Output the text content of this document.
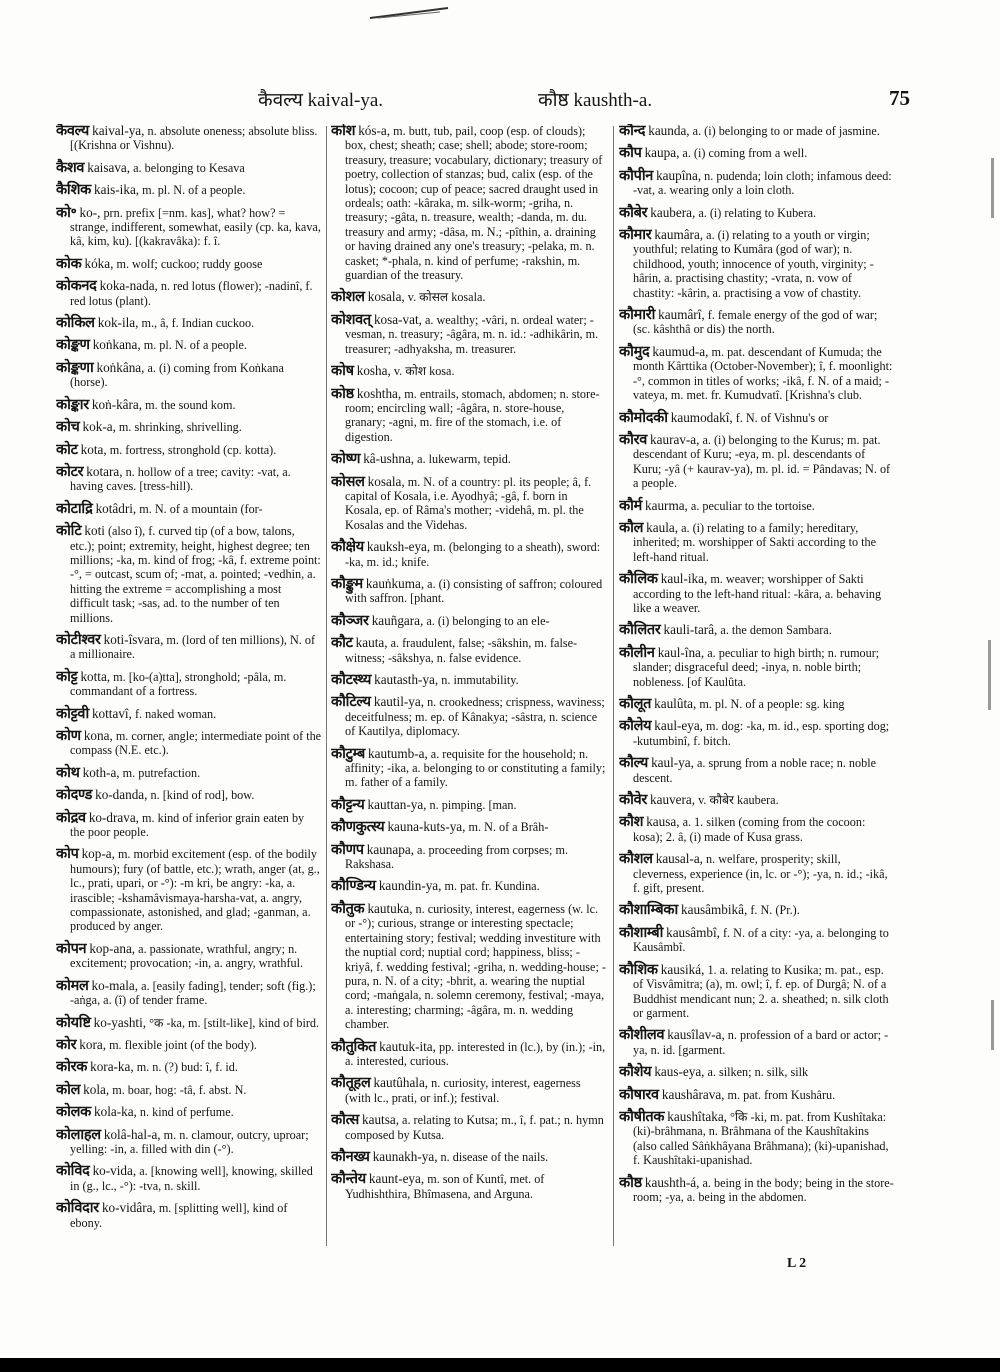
कैवल्य kaival-ya.	कौष्ठ kaushth-a.	75

कैवल्य kaival-ya, n. absolute oneness; absolute bliss. [(Krishna or Vishnu).

कैशव kaisava, a. belonging to Kesava

कैशिक kais-ika, m. pl. N. of a people.

को॰ ko-, prn. prefix [=nm. kas], what? how? = strange, indifferent, somewhat, easily (cp. ka, kava, kâ, kim, ku). [(kakravâka): f. î.

कोक kóka, m. wolf; cuckoo; ruddy goose

कोकनद koka-nada, n. red lotus (flower); -nadinî, f. red lotus (plant).

कोकिल kok-ila, m., â, f. Indian cuckoo.

कोङ्कण koṅkana, m. pl. N. of a people.

कोङ्कणा koṅkâna, a. (i) coming from Koṅkana (horse).

कोङ्कार koṅ-kâra, m. the sound kom.

कोच kok-a, m. shrinking, shrivelling.

कोट kota, m. fortress, stronghold (cp. kotta).

कोटर kotara, n. hollow of a tree; cavity: -vat, a. having caves. [tress-hill).

कोटाद्रि kotâdri, m. N. of a mountain (for-

कोटि koti (also î), f. curved tip (of a bow, talons, etc.); point; extremity, height, highest degree; ten millions; -ka, m. kind of frog; -kâ, f. extreme point: -°, = outcast, scum of; -mat, a. pointed; -vedhin, a. hitting the extreme = accomplishing a most difficult task; -sas, ad. to the number of ten millions.

कोटीश्वर koti-îsvara, m. (lord of ten millions), N. of a millionaire.

कोट्ट kotta, m. [ko-(a)tta], stronghold; -pâla, m. commandant of a fortress.

कोट्टवी kottavî, f. naked woman.

कोण kona, m. corner, angle; intermediate point of the compass (N.E. etc.).

कोथ koth-a, m. putrefaction.

कोदण्ड ko-danda, n. [kind of rod], bow.

कोद्रव ko-drava, m. kind of inferior grain eaten by the poor people.

कोप kop-a, m. morbid excitement (esp. of the bodily humours); fury (of battle, etc.); wrath, anger (at, g., lc., prati, upari, or -°): -m kri, be angry: -ka, a. irascible; -kshamâvismaya-harsha-vat, a. angry, compassionate, astonished, and glad; -ganman, a. produced by anger.

कोपन kop-ana, a. passionate, wrathful, angry; n. excitement; provocation; -in, a. angry, wrathful.

कोमल ko-mala, a. [easily fading], tender; soft (fig.); -aṅga, a. (î) of tender frame.

कोयष्टि ko-yashti, °क -ka, m. [stilt-like], kind of bird.

कोर kora, m. flexible joint (of the body).

कोरक kora-ka, m. n. (?) bud: î, f. id.

कोल kola, m. boar, hog: -tâ, f. abst. N.

कोलक kola-ka, n. kind of perfume.

कोलाहल kolâ-hal-a, m. n. clamour, outcry, uproar; yelling: -in, a. filled with din (-°).

कोविद ko-vida, a. [knowing well], knowing, skilled in (g., lc., -°): -tva, n. skill.

कोविदार ko-vidâra, m. [splitting well], kind of ebony.

कोश kós-a, m. butt, tub, pail, coop (esp. of clouds); box, chest; sheath; case; shell; abode; store-room; treasury, treasure; vocabulary, dictionary; treasury of poetry, collection of stanzas; bud, calix (esp. of the lotus); cocoon; cup of peace; sacred draught used in ordeals; oath: -kâraka, m. silk-worm; -griha, n. treasury; -gâta, n. treasure, wealth; -danda, m. du. treasury and army; -dâsa, m. N.; -pîthin, a. draining or having drained any one's treasury; -pelaka, m. n. casket; *-phala, n. kind of perfume; -rakshin, m. guardian of the treasury.

कोशल kosala, v. कोसल kosala.

कोशवत् kosa-vat, a. wealthy; -vâri, n. ordeal water; -vesman, n. treasury; -âgâra, m. n. id.: -adhikârin, m. treasurer; -adhyaksha, m. treasurer.

कोष kosha, v. कोश kosa.

कोष्ठ koshtha, m. entrails, stomach, abdomen; n. store-room; encircling wall; -âgâra, n. store-house, granary; -agni, m. fire of the stomach, i.e. of digestion.

कोष्ण kâ-ushna, a. lukewarm, tepid.

कोसल kosala, m. N. of a country: pl. its people; â, f. capital of Kosala, i.e. Ayodhyâ; -gâ, f. born in Kosala, ep. of Râma's mother; -videhâ, m. pl. the Kosalas and the Videhas.

कौक्षेय kauksh-eya, m. (belonging to a sheath), sword: -ka, m. id.; knife.

कौङ्कुम kauṅkuma, a. (i) consisting of saffron; coloured with saffron. [phant.

कौञ्जर kauñgara, a. (i) belonging to an ele-

कौट kauta, a. fraudulent, false; -sâkshin, m. false-witness; -sâkshya, n. false evidence.

कौटस्थ्य kautasth-ya, n. immutability.

कौटिल्य kautil-ya, n. crookedness; crispness, waviness; deceitfulness; m. ep. of Kânakya; -sâstra, n. science of Kautilya, diplomacy.

कौटुम्ब kautumb-a, a. requisite for the household; n. affinity; -ika, a. belonging to or constituting a family; m. father of a family.

कौट्टन्य kauttan-ya, n. pimping. [man.

कौणकुत्स्य kauna-kuts-ya, m. N. of a Brâh-

कौणप kaunapa, a. proceeding from corpses; m. Rakshasa.

कौण्डिन्य kaundin-ya, m. pat. fr. Kundina.

कौतुक kautuka, n. curiosity, interest, eagerness (w. lc. or -°); curious, strange or interesting spectacle; entertaining story; festival; wedding investiture with the nuptial cord; nuptial cord; happiness, bliss; -kriyâ, f. wedding festival; -griha, n. wedding-house; -pura, n. N. of a city; -bhrit, a. wearing the nuptial cord; -maṅgala, n. solemn ceremony, festival; -maya, a. interesting; charming; -âgâra, m. n. wedding chamber.

कौतुकित kautuk-ita, pp. interested in (lc.), by (in.); -in, a. interested, curious.

कौतूहल kautûhala, n. curiosity, interest, eagerness (with lc., prati, or inf.); festival.

कौत्स kautsa, a. relating to Kutsa; m., î, f. pat.; n. hymn composed by Kutsa.

कौनख्य kaunakh-ya, n. disease of the nails.

कौन्तेय kaunt-eya, m. son of Kuntî, met. of Yudhishthira, Bhîmasena, and Arguna.

कौन्द kaunda, a. (i) belonging to or made of jasmine.

कौप kaupa, a. (i) coming from a well.

कौपीन kaupîna, n. pudenda; loin cloth; infamous deed: -vat, a. wearing only a loin cloth.

कौबेर kaubera, a. (i) relating to Kubera.

कौमार kaumâra, a. (i) relating to a youth or virgin; youthful; relating to Kumâra (god of war); n. childhood, youth; innocence of youth, virginity; -hârin, a. practising chastity; -vrata, n. vow of chastity: -kârin, a. practising a vow of chastity.

कौमारी kaumârî, f. female energy of the god of war; (sc. kâshthâ or dis) the north.

कौमुद kaumud-a, m. pat. descendant of Kumuda; the month Kârttika (October-November); î, f. moonlight: -°, common in titles of works; -ikâ, f. N. of a maid; -vateya, m. met. fr. Kumudvatî. [Krishna's club.

कौमोदकी kaumodakî, f. N. of Vishnu's or

कौरव kaurav-a, a. (i) belonging to the Kurus; m. pat. descendant of Kuru; -eya, m. pl. descendants of Kuru; -yâ (+ kaurav-ya), m. pl. id. = Pândavas; N. of a people.

कौर्म kaurma, a. peculiar to the tortoise.

कौल kaula, a. (i) relating to a family; hereditary, inherited; m. worshipper of Sakti according to the left-hand ritual.

कौलिक kaul-ika, m. weaver; worshipper of Sakti according to the left-hand ritual: -kâra, a. behaving like a weaver.

कौलितर kauli-tarâ, a. the demon Sambara.

कौलीन kaul-îna, a. peculiar to high birth; n. rumour; slander; disgraceful deed; -inya, n. noble birth; nobleness. [of Kaulûta.

कौलूत kaulûta, m. pl. N. of a people: sg. king

कौलेय kaul-eya, m. dog: -ka, m. id., esp. sporting dog; -kutumbinî, f. bitch.

कौल्य kaul-ya, a. sprung from a noble race; n. noble descent.

कौवेर kauvera, v. कौबेर kaubera.

कौश kausa, a. 1. silken (coming from the cocoon: kosa); 2. â, (i) made of Kusa grass.

कौशल kausal-a, n. welfare, prosperity; skill, cleverness, experience (in, lc. or -°); -ya, n. id.; -ikâ, f. gift, present.

कौशाम्बिका kausâmbikâ, f. N. (Pr.).

कौशाम्बी kausâmbî, f. N. of a city: -ya, a. belonging to Kausâmbî.

कौशिक kausiká, 1. a. relating to Kusika; m. pat., esp. of Visvâmitra; (a), m. owl; î, f. ep. of Durgâ; N. of a Buddhist mendicant nun; 2. a. sheathed; n. silk cloth or garment.

कौशीलव kausîlav-a, n. profession of a bard or actor; -ya, n. id. [garment.

कौशेय kaus-eya, a. silken; n. silk, silk

कौषारव kaushârava, m. pat. from Kushâru.

कौषीतक kaushîtaka, °कि -ki, m. pat. from Kushîtaka: (ki)-brâhmana, n. Brâhmana of the Kaushîtakins (also called Sâṅkhâyana Brâhmana); (ki)-upanishad, f. Kaushîtaki-upanishad.

कौष्ठ kaushth-á, a. being in the body; being in the store-room; -ya, a. being in the abdomen.

L 2
